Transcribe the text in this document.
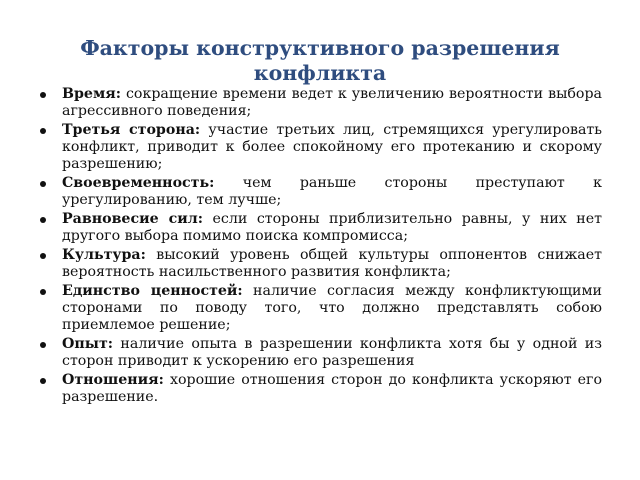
Факторы конструктивного разрешения конфликта
Время: сокращение времени ведет к увеличению вероятности выбора агрессивного поведения;
Третья сторона: участие третьих лиц, стремящихся урегулировать конфликт, приводит к более спокойному его протеканию и скорому разрешению;
Своевременность: чем раньше стороны преступают к урегулированию, тем лучше;
Равновесие сил: если стороны приблизительно равны, у них нет другого выбора помимо поиска компромисса;
Культура: высокий уровень общей культуры оппонентов снижает вероятность насильственного развития конфликта;
Единство ценностей: наличие согласия между конфликтующими сторонами по поводу того, что должно представлять собою приемлемое решение;
Опыт: наличие опыта в разрешении конфликта хотя бы у одной из сторон приводит к ускорению его разрешения
Отношения: хорошие отношения сторон до конфликта ускоряют его разрешение.
